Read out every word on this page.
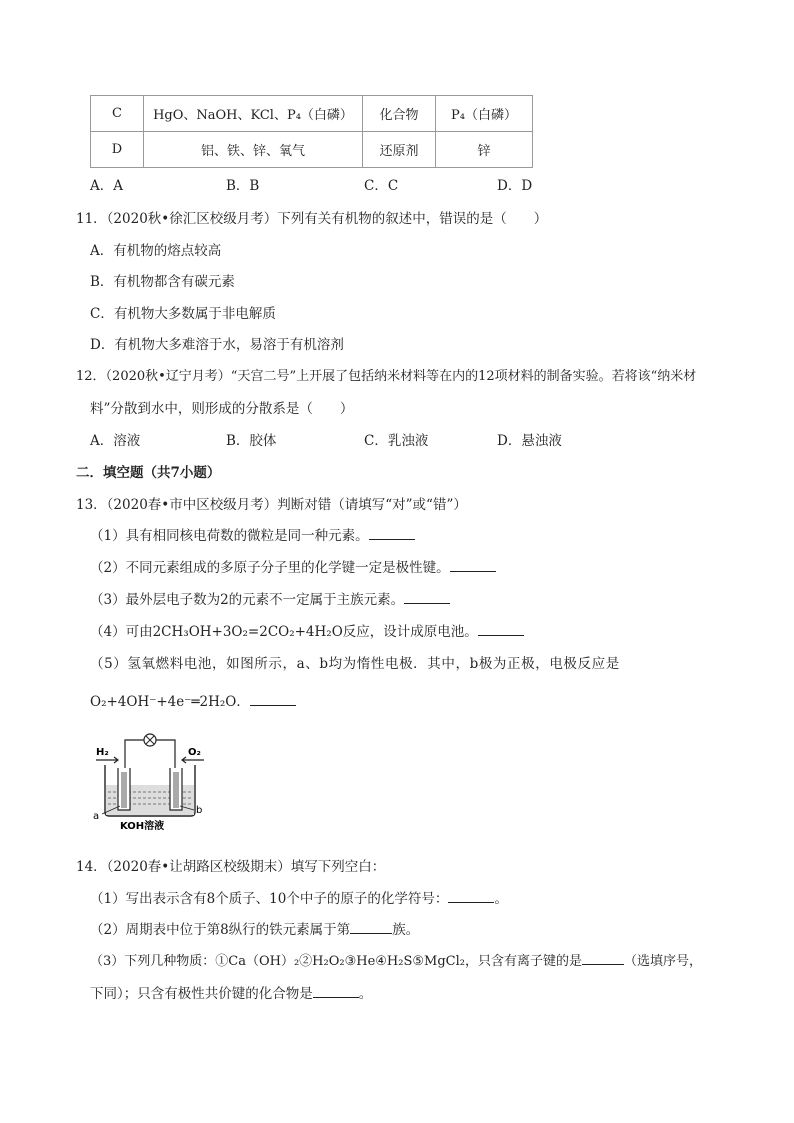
C	HgO、NaOH、KCl、P₄（白磷）	化合物	P₄（白磷）
D	铝、铁、锌、氧气	还原剂	锌
A．A	B．B	C．C	D．D
11．（2020秋•徐汇区校级月考）下列有关有机物的叙述中，错误的是（　　）
A．有机物的熔点较高
B．有机物都含有碳元素
C．有机物大多数属于非电解质
D．有机物大多难溶于水，易溶于有机溶剂
12．（2020秋•辽宁月考）“天宫二号”上开展了包括纳米材料等在内的12项材料的制备实验。若将该“纳米材
料”分散到水中，则形成的分散系是（　　）
A．溶液	B．胶体	C．乳浊液	D．悬浊液
二．填空题（共7小题）
13．（2020春•市中区校级月考）判断对错（请填写“对”或“错”）
（1）具有相同核电荷数的微粒是同一种元素。
（2）不同元素组成的多原子分子里的化学键一定是极性键。
（3）最外层电子数为2的元素不一定属于主族元素。
（4）可由2CH₃OH+3O₂=2CO₂+4H₂O反应，设计成原电池。
（5）氢氧燃料电池，如图所示，a、b均为惰性电极．其中，b极为正极，电极反应是
O₂+4OH⁻+4e⁻═2H₂O．
H₂	O₂
a
b
KOH溶液
14．（2020春•让胡路区校级期末）填写下列空白：
（1）写出表示含有8个质子、10个中子的原子的化学符号：	。
（2）周期表中位于第8纵行的铁元素属于第	族。
（3）下列几种物质：①Ca（OH）₂②H₂O₂③He④H₂S⑤MgCl₂，只含有离子键的是	（选填序号，
下同）；只含有极性共价键的化合物是	。
